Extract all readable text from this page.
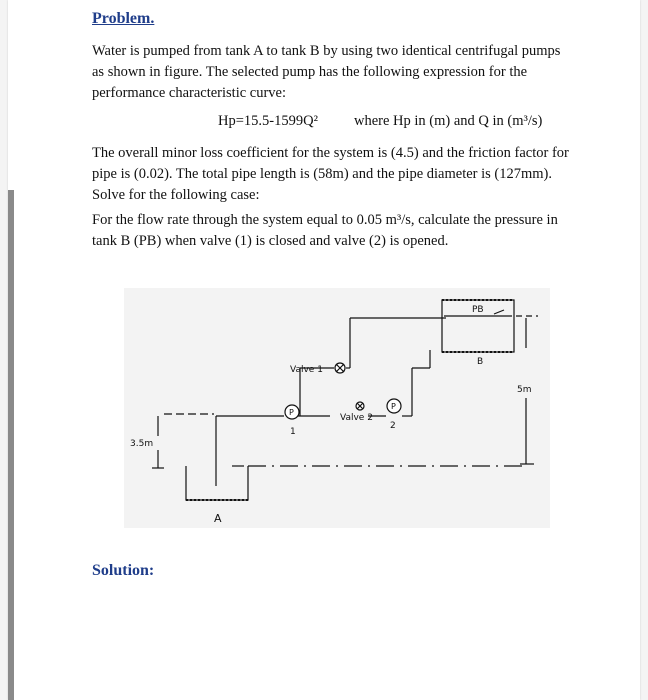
Problem.

Water is pumped from tank A to tank B by using two identical centrifugal pumps as shown in figure. The selected pump has the following expression for the performance characteristic curve:

Hp=15.5-1599Q² where Hp in (m) and Q in (m³/s)

The overall minor loss coefficient for the system is (4.5) and the friction factor for pipe is (0.02). The total pipe length is (58m) and the pipe diameter is (127mm). Solve for the following case:

For the flow rate through the system equal to 0.05 m³/s, calculate the pressure in tank B (PB) when valve (1) is closed and valve (2) is opened.

PB
B
A
Valve 1
Valve 2
P
P
1
2
5m
3.5m
Solution:
